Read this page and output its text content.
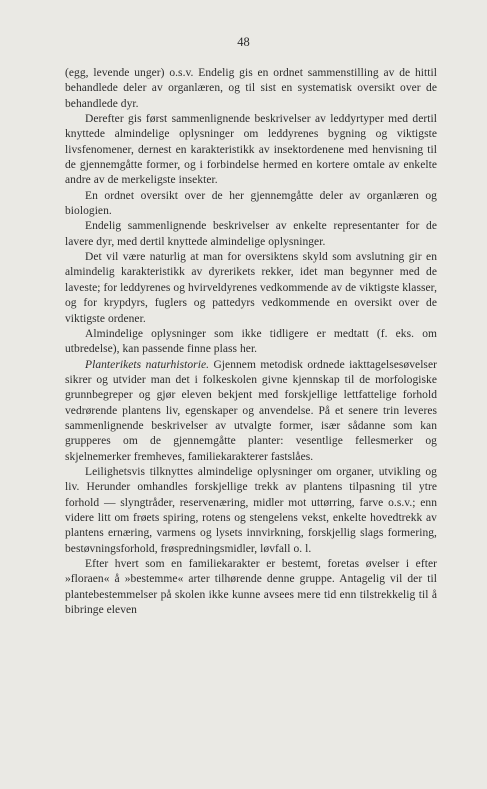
48

(egg, levende unger) o.s.v. Endelig gis en ordnet sammenstilling av de hittil behandlede deler av organlæren, og til sist en systematisk oversikt over de behandlede dyr.

Derefter gis først sammenlignende beskrivelser av leddyrtyper med dertil knyttede almindelige oplysninger om leddyrenes bygning og viktigste livsfenomener, dernest en karakteristikk av insektordenene med henvisning til de gjennemgåtte former, og i forbindelse hermed en kortere omtale av enkelte andre av de merkeligste insekter.

En ordnet oversikt over de her gjennemgåtte deler av organlæren og biologien.

Endelig sammenlignende beskrivelser av enkelte representanter for de lavere dyr, med dertil knyttede almindelige oplysninger.

Det vil være naturlig at man for oversiktens skyld som avslutning gir en almindelig karakteristikk av dyrerikets rekker, idet man begynner med de laveste; for leddyrenes og hvirveldyrenes vedkommende av de viktigste klasser, og for krypdyrs, fuglers og pattedyrs vedkommende en oversikt over de viktigste ordener.

Almindelige oplysninger som ikke tidligere er medtatt (f. eks. om utbredelse), kan passende finne plass her.

Planterikets naturhistorie. Gjennem metodisk ordnede iakttagelsesøvelser sikrer og utvider man det i folkeskolen givne kjennskap til de morfologiske grunnbegreper og gjør eleven bekjent med forskjellige lettfattelige forhold vedrørende plantens liv, egenskaper og anvendelse. På et senere trin leveres sammenlignende beskrivelser av utvalgte former, især sådanne som kan grupperes om de gjennemgåtte planter: vesentlige fellesmerker og skjelnemerker fremheves, familiekarakterer fastslåes.

Leilighetsvis tilknyttes almindelige oplysninger om organer, utvikling og liv. Herunder omhandles forskjellige trekk av plantens tilpasning til ytre forhold — slyngtråder, reservenæring, midler mot uttørring, farve o.s.v.; enn videre litt om frøets spiring, rotens og stengelens vekst, enkelte hovedtrekk av plantens ernæring, varmens og lysets innvirkning, forskjellig slags formering, bestøvningsforhold, frøspredningsmidler, løvfall o. l.

Efter hvert som en familiekarakter er bestemt, foretas øvelser i efter »floraen« å »bestemme« arter tilhørende denne gruppe. Antagelig vil der til plantebestemmelser på skolen ikke kunne avsees mere tid enn tilstrekkelig til å bibringe eleven
